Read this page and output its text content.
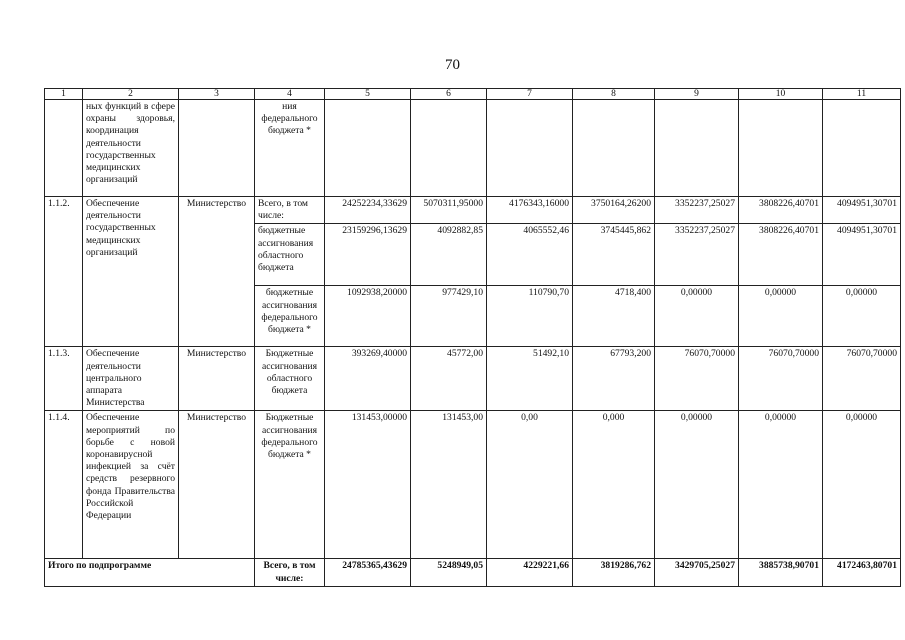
70
1	2	3	4	5	6	7	8	9	10	11
	ных функций в сфере охраны здоровья, координация деятельности государственных медицинских организаций		ния федерального бюджета *							
1.1.2.	Обеспечение деятельности государственных медицинских организаций	Министерство	Всего, в том числе:	24252234,33629	5070311,95000	4176343,16000	3750164,26200	3352237,25027	3808226,40701	4094951,30701
			бюджетные ассигнования областного бюджета	23159296,13629	4092882,85	4065552,46	3745445,862	3352237,25027	3808226,40701	4094951,30701
			бюджетные ассигнования федерального бюджета *	1092938,20000	977429,10	110790,70	4718,400	0,00000	0,00000	0,00000
1.1.3.	Обеспечение деятельности центрального аппарата Министерства	Министерство	Бюджетные ассигнования областного бюджета	393269,40000	45772,00	51492,10	67793,200	76070,70000	76070,70000	76070,70000
1.1.4.	Обеспечение мероприятий по борьбе с новой коронавирусной инфекцией за счёт средств резервного фонда Правительства Российской Федерации	Министерство	Бюджетные ассигнования федерального бюджета *	131453,00000	131453,00	0,00	0,000	0,00000	0,00000	0,00000
Итого по подпрограмме			Всего, в том числе:	24785365,43629	5248949,05	4229221,66	3819286,762	3429705,25027	3885738,90701	4172463,80701
